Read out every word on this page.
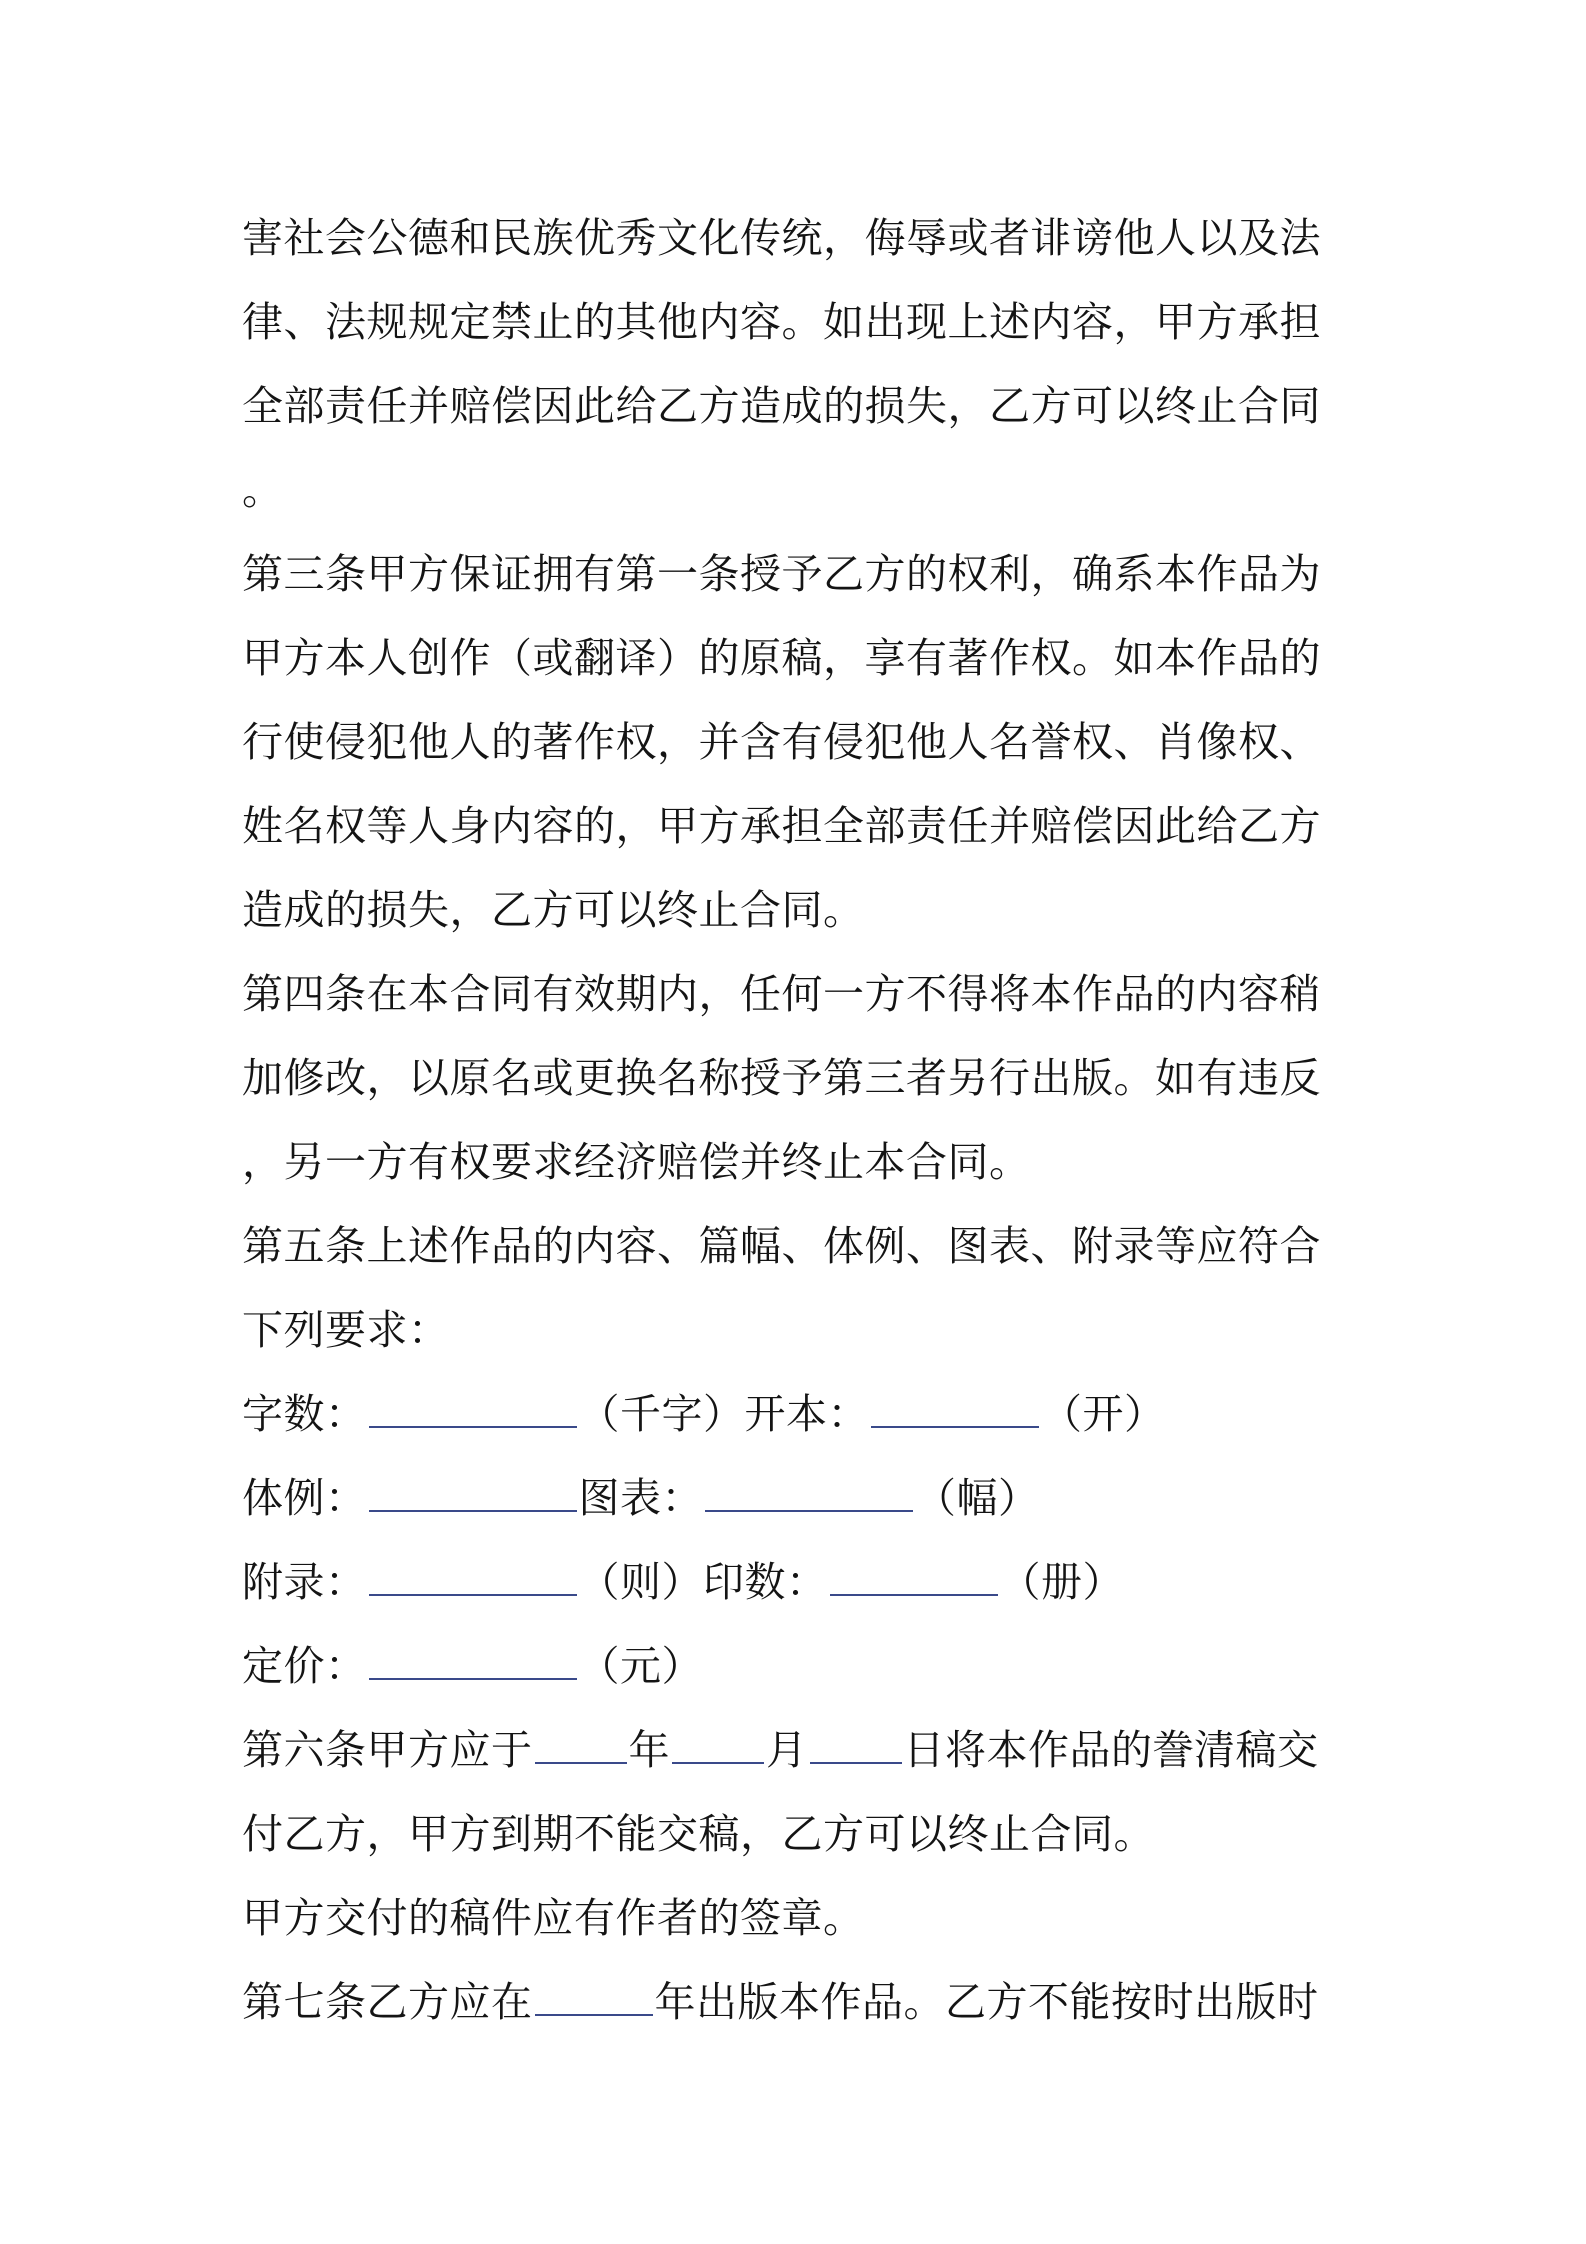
害社会公德和民族优秀文化传统，侮辱或者诽谤他人以及法
律、法规规定禁止的其他内容。如出现上述内容，甲方承担
全部责任并赔偿因此给乙方造成的损失，乙方可以终止合同
。
第三条甲方保证拥有第一条授予乙方的权利，确系本作品为
甲方本人创作（或翻译）的原稿，享有著作权。如本作品的
行使侵犯他人的著作权，并含有侵犯他人名誉权、肖像权、
姓名权等人身内容的，甲方承担全部责任并赔偿因此给乙方
造成的损失，乙方可以终止合同。
第四条在本合同有效期内，任何一方不得将本作品的内容稍
加修改，以原名或更换名称授予第三者另行出版。如有违反
，另一方有权要求经济赔偿并终止本合同。
第五条上述作品的内容、篇幅、体例、图表、附录等应符合
下列要求：
字数：	（千字）开本：	（开）
体例：	图表：	（幅）
附录：	（则）印数：	（册）
定价：	（元）
第六条甲方应于 年 月 日将本作品的誊清稿交
付乙方，甲方到期不能交稿，乙方可以终止合同。
甲方交付的稿件应有作者的签章。
第七条乙方应在	年出版本作品。乙方不能按时出版时
